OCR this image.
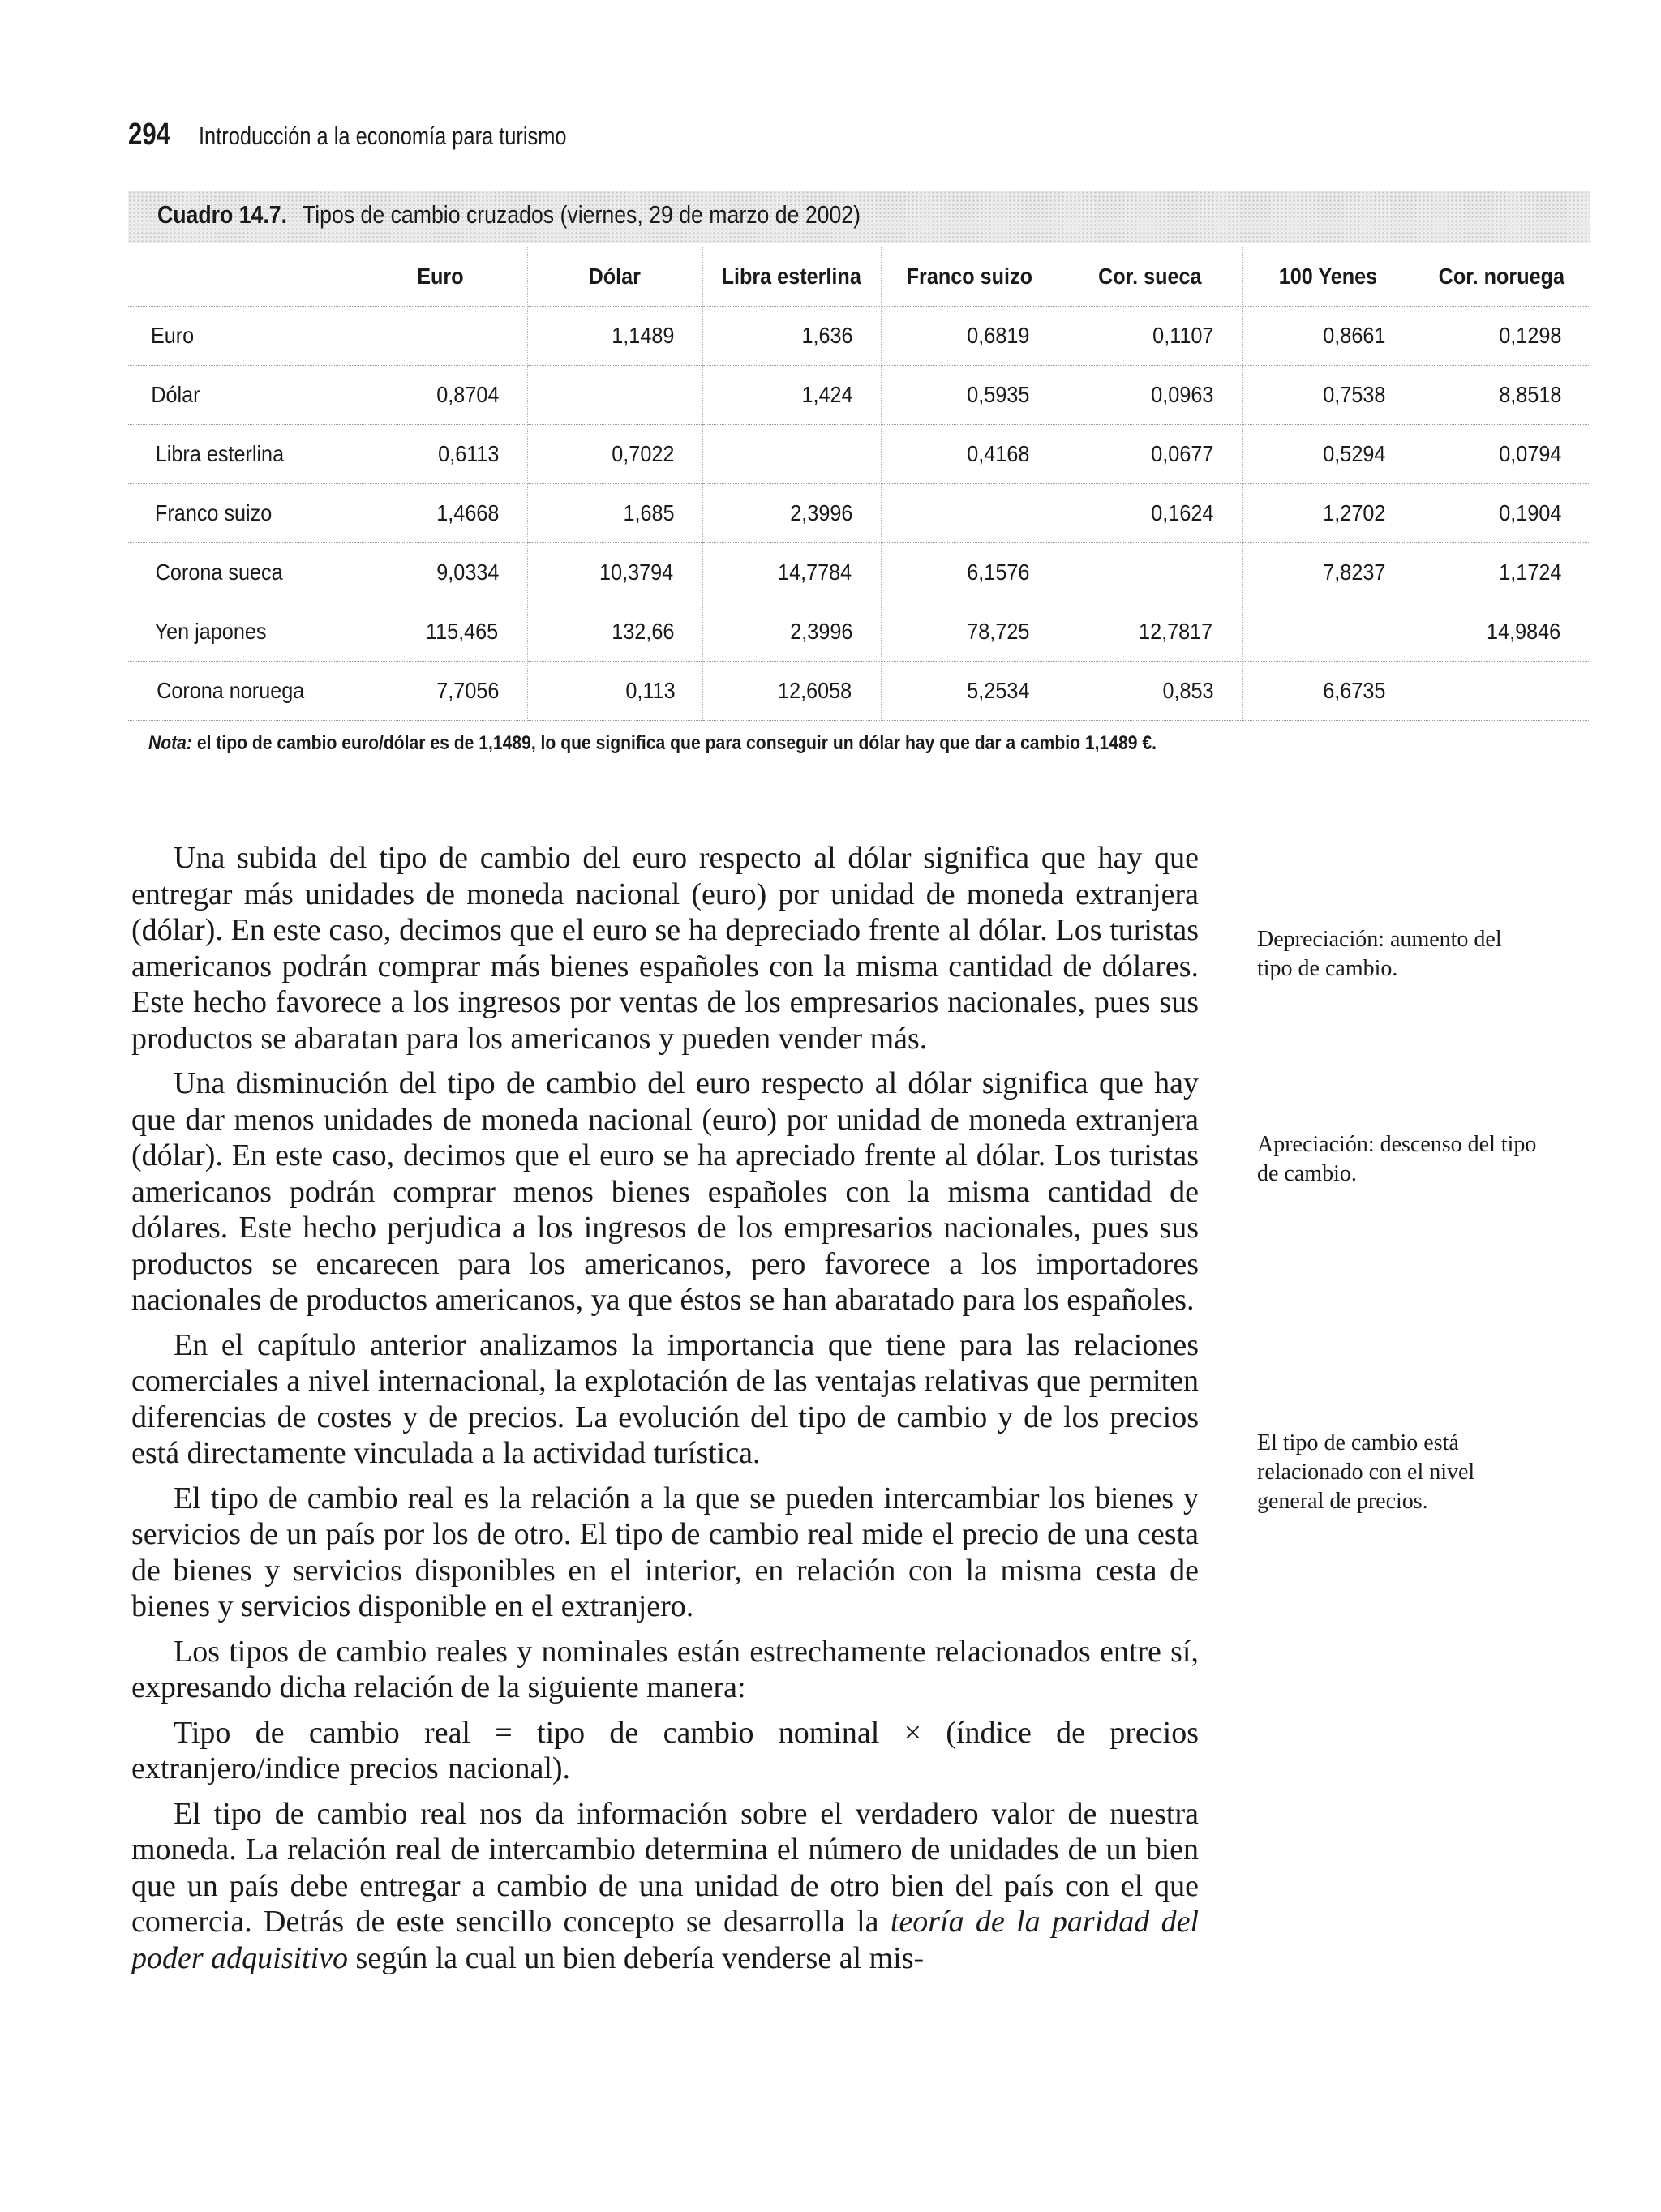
294 Introducción a la economía para turismo
Cuadro 14.7. Tipos de cambio cruzados (viernes, 29 de marzo de 2002)
	Euro	Dólar	Libra esterlina	Franco suizo	Cor. sueca	100 Yenes	Cor. noruega
Euro		1,1489	1,636	0,6819	0,1107	0,8661	0,1298
Dólar	0,8704		1,424	0,5935	0,0963	0,7538	8,8518
Libra esterlina	0,6113	0,7022		0,4168	0,0677	0,5294	0,0794
Franco suizo	1,4668	1,685	2,3996		0,1624	1,2702	0,1904
Corona sueca	9,0334	10,3794	14,7784	6,1576		7,8237	1,1724
Yen japones	115,465	132,66	2,3996	78,725	12,7817		14,9846
Corona noruega	7,7056	0,113	12,6058	5,2534	0,853	6,6735	
Nota: el tipo de cambio euro/dólar es de 1,1489, lo que significa que para conseguir un dólar hay que dar a cambio 1,1489 €.

Una subida del tipo de cambio del euro respecto al dólar significa que hay que entregar más unidades de moneda nacional (euro) por unidad de moneda extranjera (dólar). En este caso, decimos que el euro se ha depreciado frente al dólar. Los turistas americanos podrán comprar más bienes españoles con la misma cantidad de dólares. Este hecho favorece a los ingresos por ventas de los empresarios nacionales, pues sus productos se abaratan para los americanos y pueden vender más.

Una disminución del tipo de cambio del euro respecto al dólar significa que hay que dar menos unidades de moneda nacional (euro) por unidad de moneda extranjera (dólar). En este caso, decimos que el euro se ha apreciado frente al dólar. Los turistas americanos podrán comprar menos bienes españoles con la misma cantidad de dólares. Este hecho perjudica a los ingresos de los empresarios nacionales, pues sus productos se encarecen para los americanos, pero favorece a los importadores nacionales de productos americanos, ya que éstos se han abaratado para los españoles.

En el capítulo anterior analizamos la importancia que tiene para las relaciones comerciales a nivel internacional, la explotación de las ventajas relativas que permiten diferencias de costes y de precios. La evolución del tipo de cambio y de los precios está directamente vinculada a la actividad turística.

El tipo de cambio real es la relación a la que se pueden intercambiar los bienes y servicios de un país por los de otro. El tipo de cambio real mide el precio de una cesta de bienes y servicios disponibles en el interior, en relación con la misma cesta de bienes y servicios disponible en el extranjero.

Los tipos de cambio reales y nominales están estrechamente relacionados entre sí, expresando dicha relación de la siguiente manera:

Tipo de cambio real = tipo de cambio nominal × (índice de precios extranjero/indice precios nacional).

El tipo de cambio real nos da información sobre el verdadero valor de nuestra moneda. La relación real de intercambio determina el número de unidades de un bien que un país debe entregar a cambio de una unidad de otro bien del país con el que comercia. Detrás de este sencillo concepto se desarrolla la teoría de la paridad del poder adquisitivo según la cual un bien debería venderse al mis-

Depreciación: aumento del tipo de cambio.
Apreciación: descenso del tipo de cambio.
El tipo de cambio está relacionado con el nivel general de precios.
